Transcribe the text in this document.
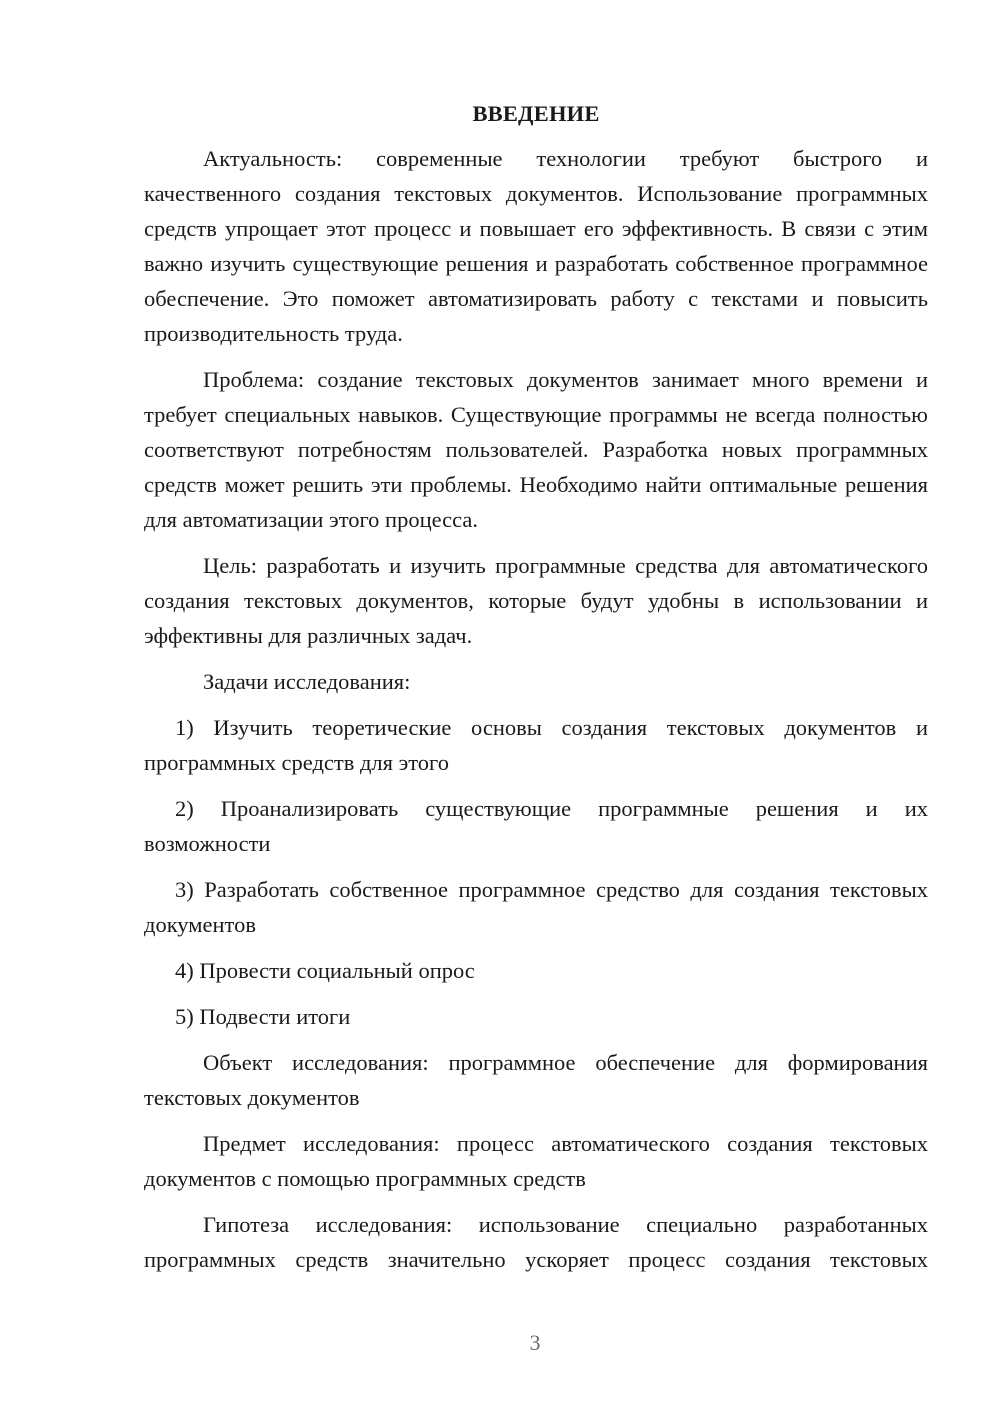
ВВЕДЕНИЕ

Актуальность: современные технологии требуют быстрого и качественного создания текстовых документов. Использование программных средств упрощает этот процесс и повышает его эффективность. В связи с этим важно изучить существующие решения и разработать собственное программное обеспечение. Это поможет автоматизировать работу с текстами и повысить производительность труда.

Проблема: создание текстовых документов занимает много времени и требует специальных навыков. Существующие программы не всегда полностью соответствуют потребностям пользователей. Разработка новых программных средств может решить эти проблемы. Необходимо найти оптимальные решения для автоматизации этого процесса.

Цель: разработать и изучить программные средства для автоматического создания текстовых документов, которые будут удобны в использовании и эффективны для различных задач.

Задачи исследования:

1) Изучить теоретические основы создания текстовых документов и программных средств для этого

2) Проанализировать существующие программные решения и их возможности

3) Разработать собственное программное средство для создания текстовых документов

4) Провести социальный опрос

5) Подвести итоги

Объект исследования: программное обеспечение для формирования текстовых документов

Предмет исследования: процесс автоматического создания текстовых документов с помощью программных средств

Гипотеза исследования: использование специально разработанных программных средств значительно ускоряет процесс создания текстовых

3
